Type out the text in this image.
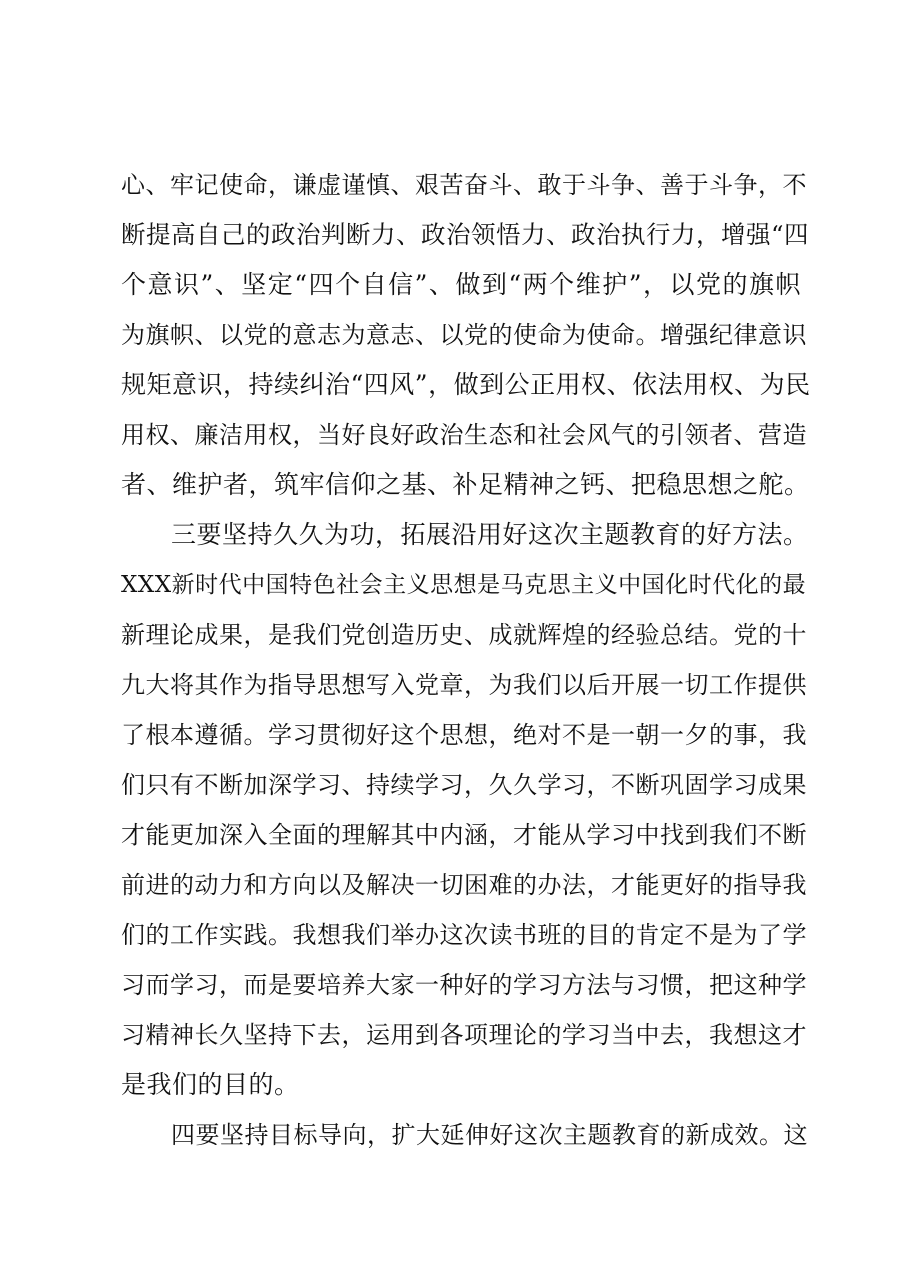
心、牢记使命，谦虚谨慎、艰苦奋斗、敢于斗争、善于斗争，不
断提高自己的政治判断力、政治领悟力、政治执行力，增强“四
个意识”、坚定“四个自信”、做到“两个维护”，以党的旗帜
为旗帜、以党的意志为意志、以党的使命为使命。增强纪律意识
规矩意识，持续纠治“四风”，做到公正用权、依法用权、为民
用权、廉洁用权，当好良好政治生态和社会风气的引领者、营造
者、维护者，筑牢信仰之基、补足精神之钙、把稳思想之舵。
三要坚持久久为功，拓展沿用好这次主题教育的好方法。
XXX新时代中国特色社会主义思想是马克思主义中国化时代化的最
新理论成果，是我们党创造历史、成就辉煌的经验总结。党的十
九大将其作为指导思想写入党章，为我们以后开展一切工作提供
了根本遵循。学习贯彻好这个思想，绝对不是一朝一夕的事，我
们只有不断加深学习、持续学习，久久学习，不断巩固学习成果
才能更加深入全面的理解其中内涵，才能从学习中找到我们不断
前进的动力和方向以及解决一切困难的办法，才能更好的指导我
们的工作实践。我想我们举办这次读书班的目的肯定不是为了学
习而学习，而是要培养大家一种好的学习方法与习惯，把这种学
习精神长久坚持下去，运用到各项理论的学习当中去，我想这才
是我们的目的。
四要坚持目标导向，扩大延伸好这次主题教育的新成效。这
